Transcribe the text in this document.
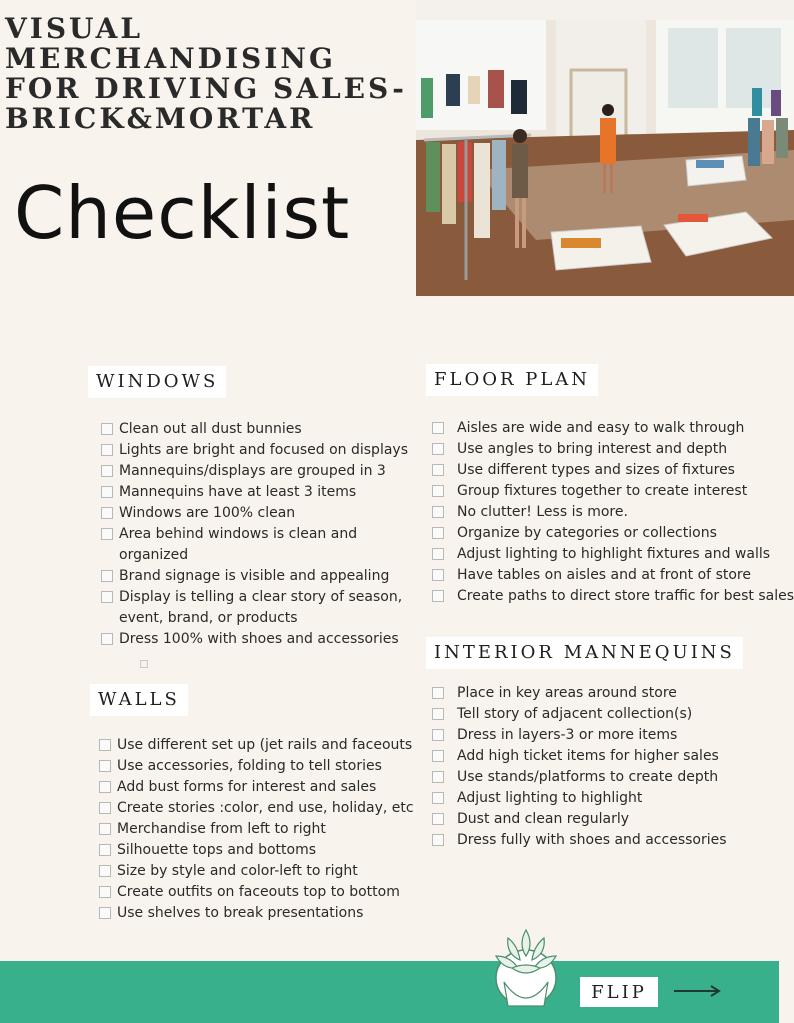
VISUAL
MERCHANDISING
FOR DRIVING SALES-
BRICK&MORTAR
Checklist
WINDOWS
Clean out all dust bunnies
Lights are bright and focused on displays
Mannequins/displays are grouped in 3
Mannequins have at least 3 items
Windows are 100% clean
Area behind windows is clean and organized
Brand signage is visible and appealing
Display is telling a clear story of season, event, brand, or products
Dress 100% with shoes and accessories
WALLS
Use different set up (jet rails and faceouts
Use accessories, folding to tell stories
Add bust forms for interest and sales
Create stories :color, end use, holiday, etc
Merchandise from left to right
Silhouette tops and bottoms
Size by style and color-left to right
Create outfits on faceouts top to bottom
Use shelves to break presentations
FLOOR PLAN
Aisles are wide and easy to walk through
Use angles to bring interest and depth
Use different types and sizes of fixtures
Group fixtures together to create interest
No clutter! Less is more.
Organize by categories or collections
Adjust lighting to highlight fixtures and walls
Have tables on aisles and at front of store
Create paths to direct store traffic for best sales
INTERIOR MANNEQUINS
Place in key areas around store
Tell story of adjacent collection(s)
Dress in layers-3 or more items
Add high ticket items for higher sales
Use stands/platforms to create depth
Adjust lighting to highlight
Dust and clean regularly
Dress fully with shoes and accessories
FLIP
